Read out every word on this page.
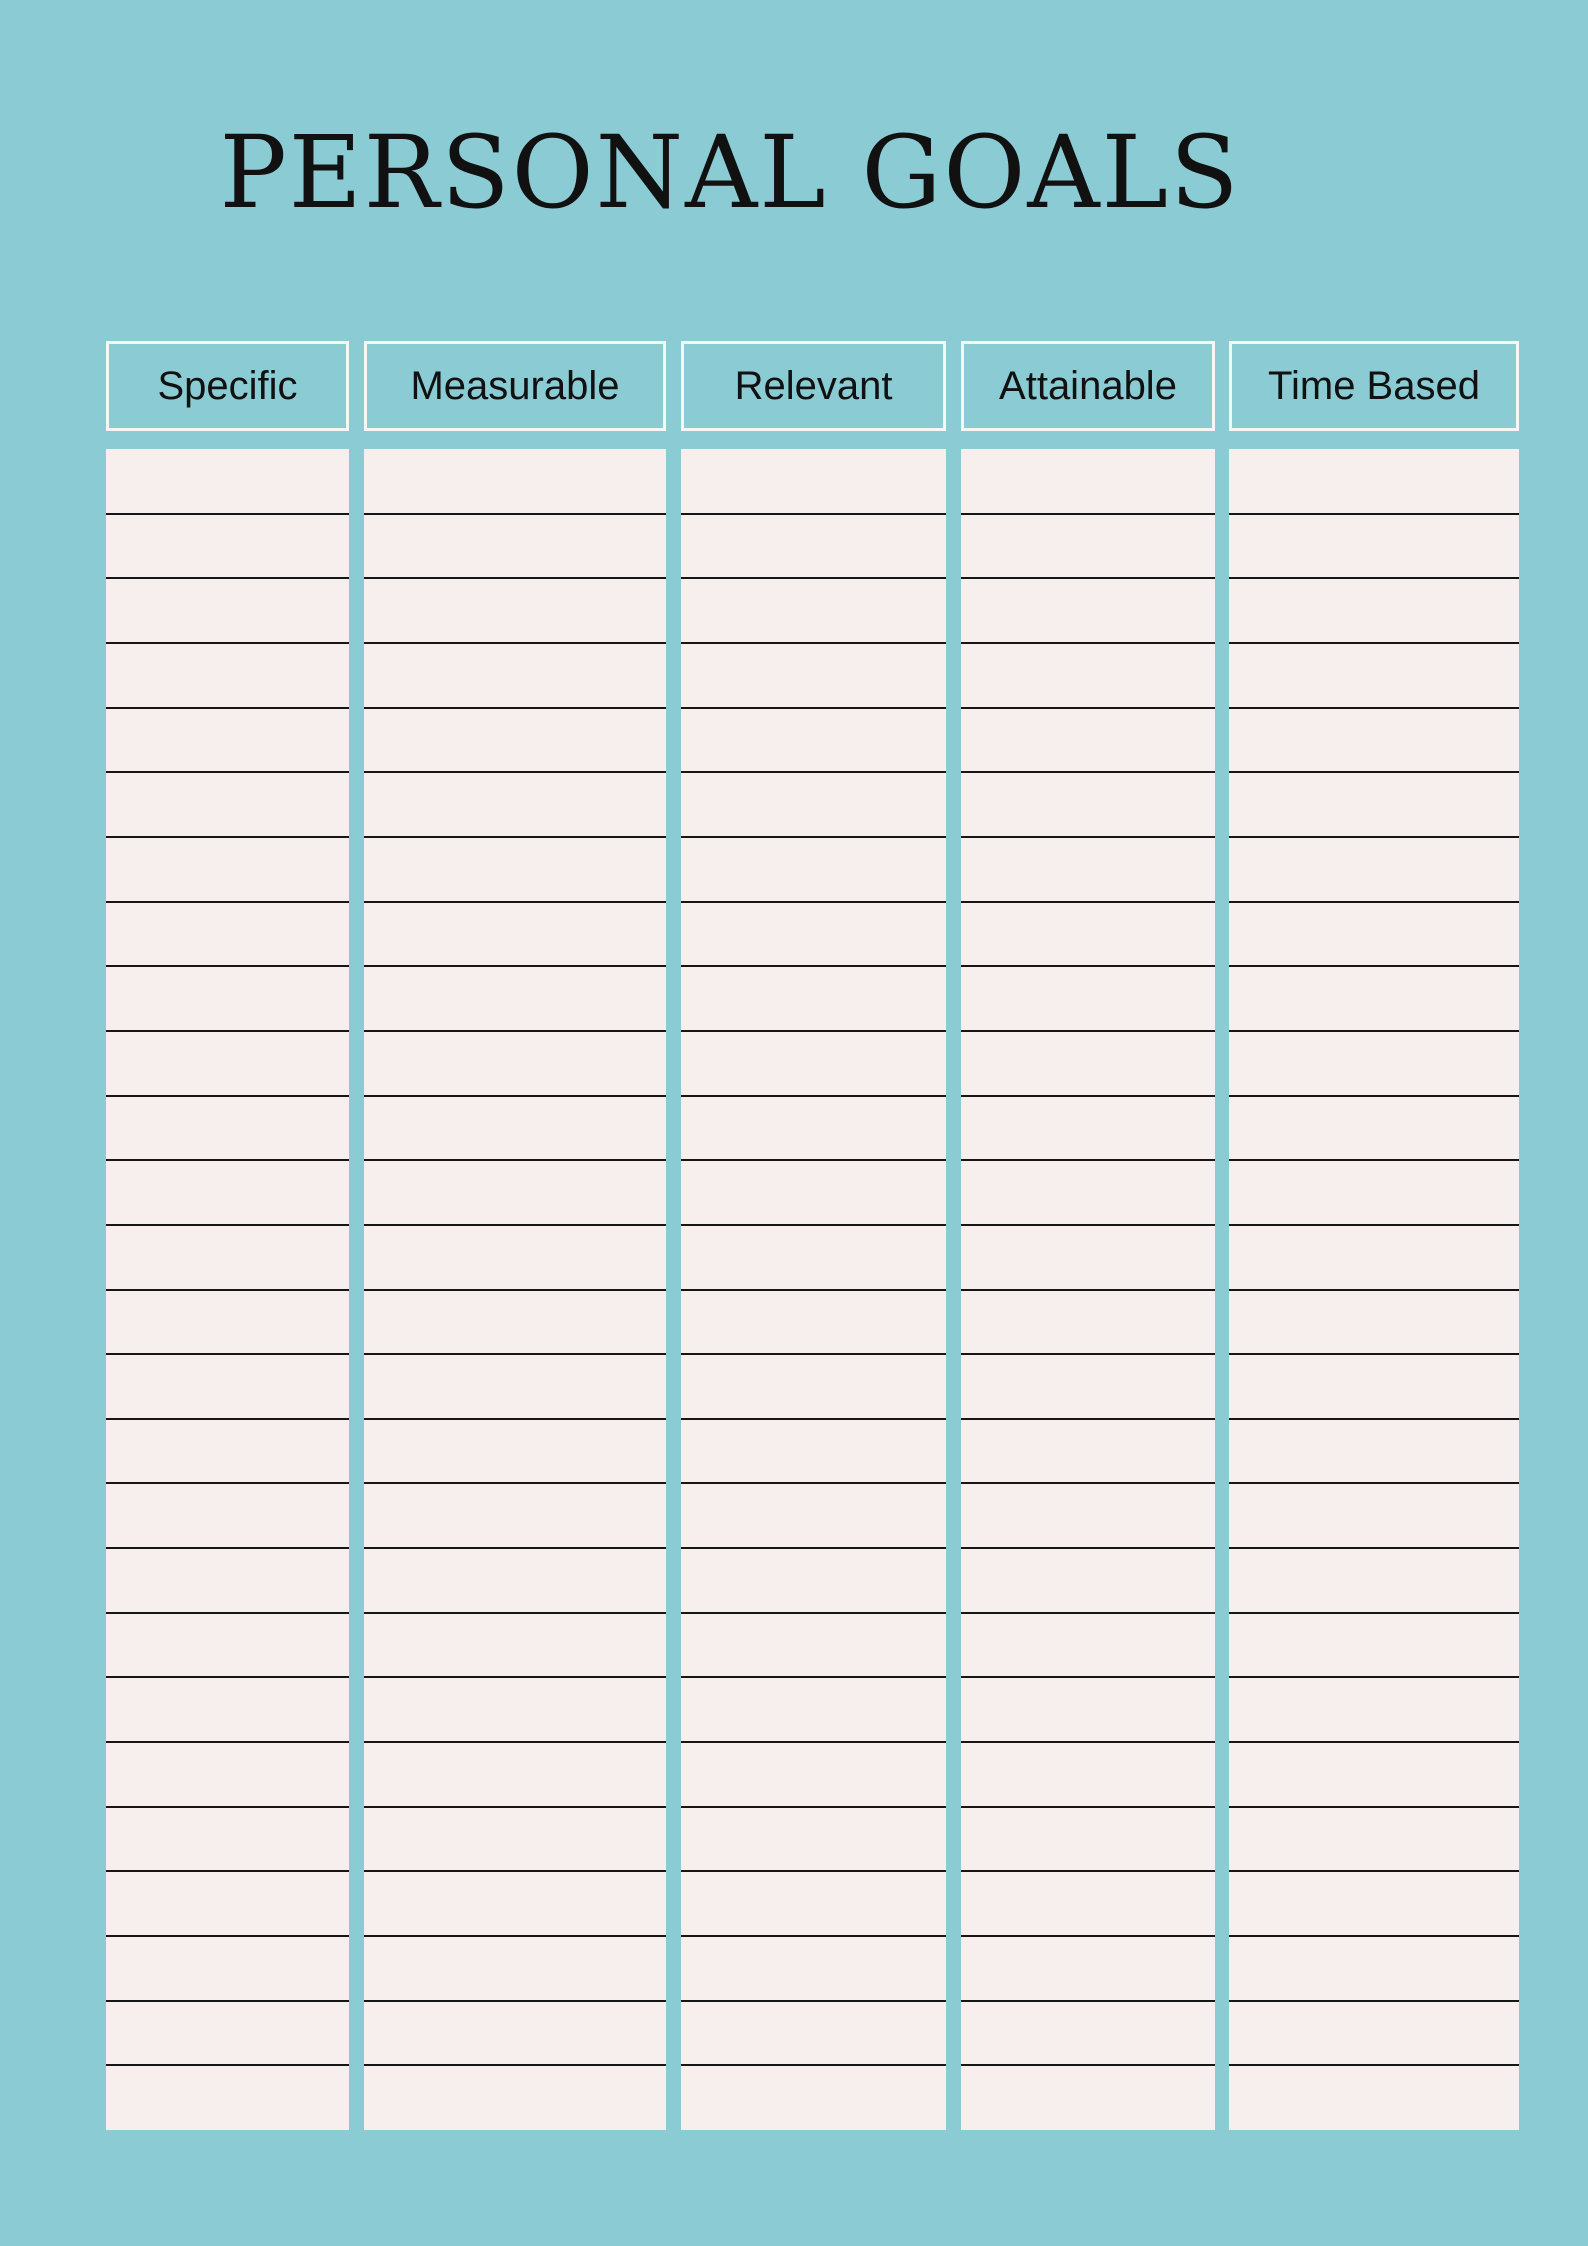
PERSONAL GOALS
Specific	Measurable	Relevant	Attainable	Time Based
